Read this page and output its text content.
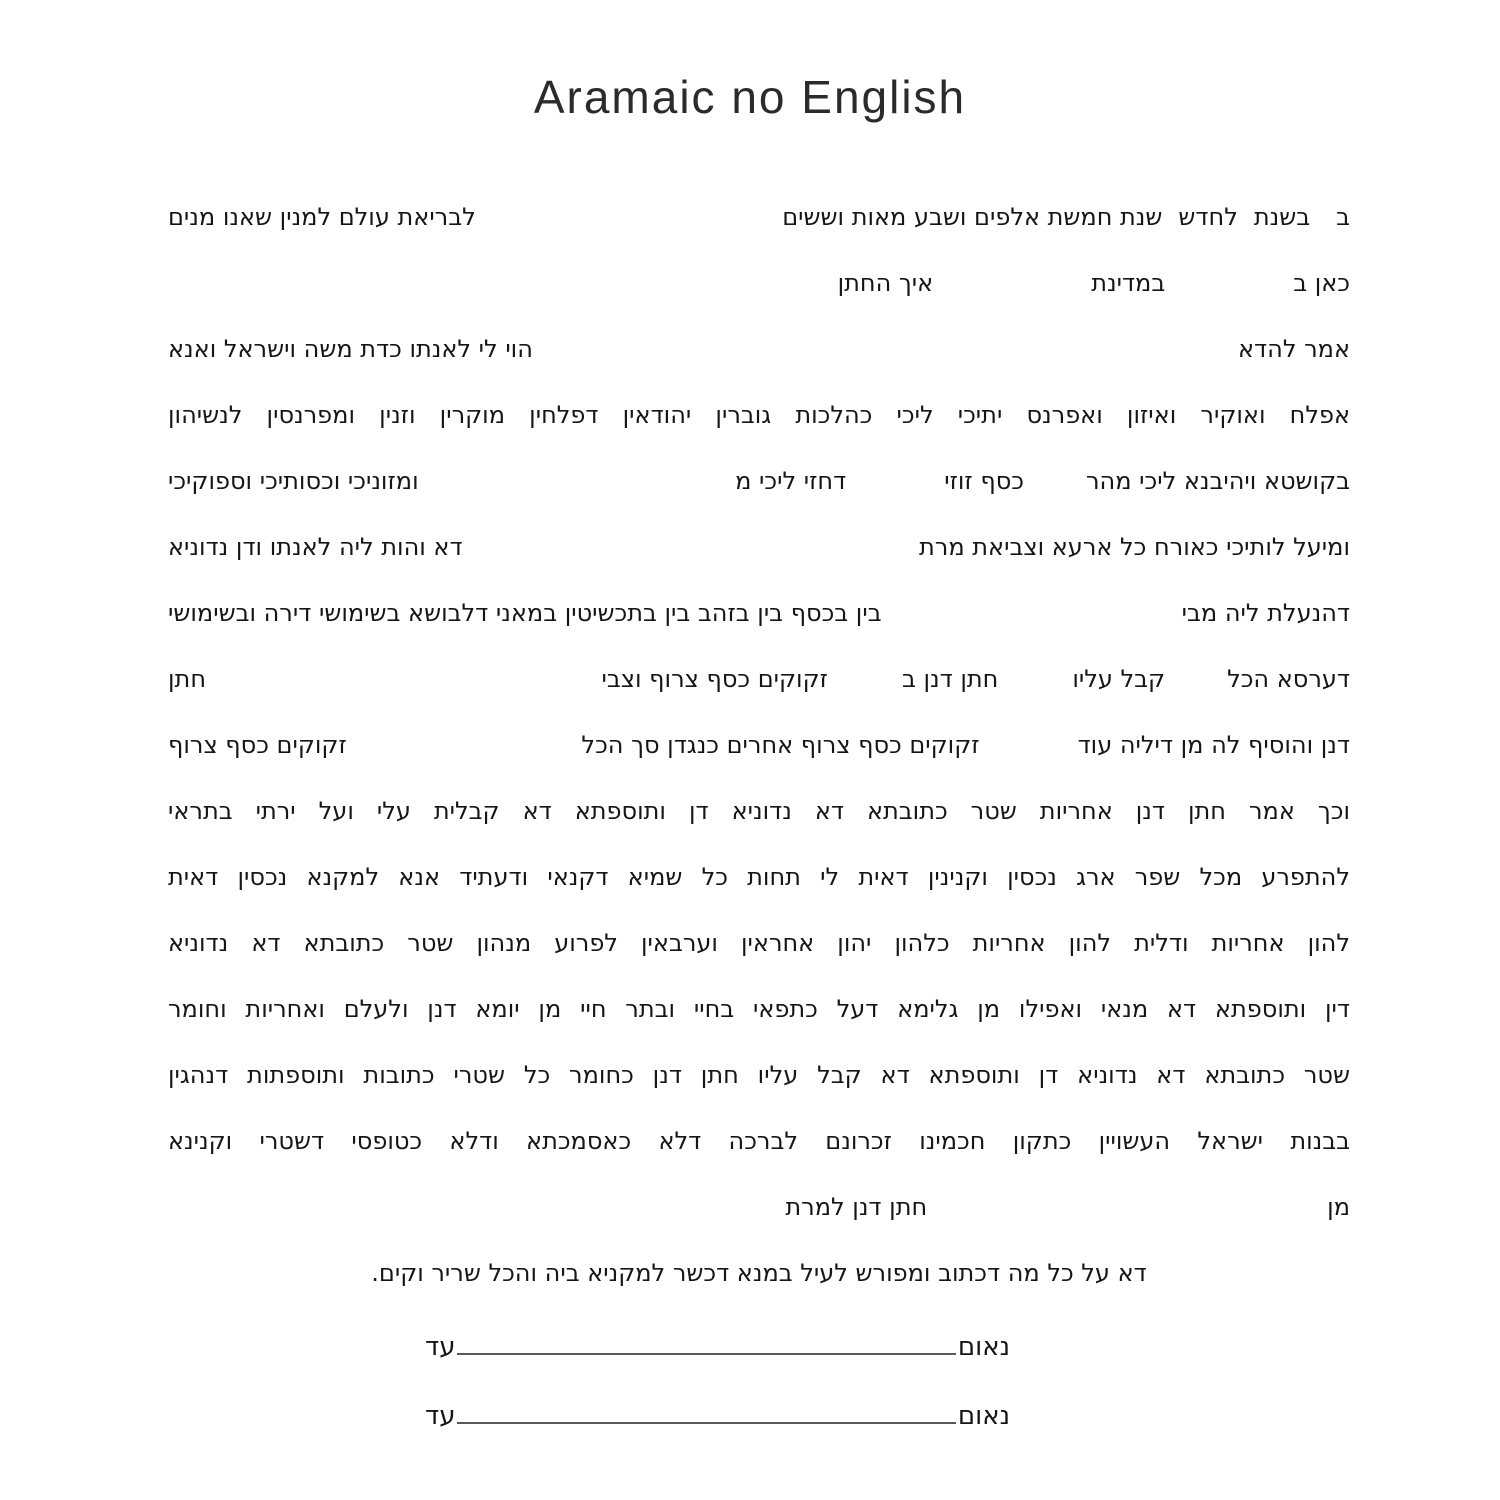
Aramaic no English
ב
בשנת
לחדש
שנת חמשת אלפים ושבע מאות וששים
לבריאת עולם למנין שאנו מנים
כאן ב
במדינת
איך החתן
אמר להדא
הוי לי לאנתו כדת משה וישראל ואנא
אפלח ואוקיר ואיזון ואפרנס יתיכי ליכי כהלכות גוברין יהודאין דפלחין מוקרין וזנין ומפרנסין לנשיהון
בקושטא ויהיבנא ליכי מהר
כסף זוזי
דחזי ליכי מ
ומזוניכי וכסותיכי וספוקיכי
ומיעל לותיכי כאורח כל ארעא וצביאת מרת
דא והות ליה לאנתו ודן נדוניא
דהנעלת ליה מבי
בין בכסף בין בזהב בין בתכשיטין במאני דלבושא בשימושי דירה ובשימושי
דערסא הכל
קבל עליו
חתן דנן ב
זקוקים כסף צרוף וצבי
חתן
דנן והוסיף לה מן דיליה עוד
זקוקים כסף צרוף אחרים כנגדן סך הכל
זקוקים כסף צרוף
וכך אמר חתן דנן אחריות שטר כתובתא דא נדוניא דן ותוספתא דא קבלית עלי ועל ירתי בתראי
להתפרע מכל שפר ארג נכסין וקנינין דאית לי תחות כל שמיא דקנאי ודעתיד אנא למקנא נכסין דאית
להון אחריות ודלית להון אחריות כלהון יהון אחראין וערבאין לפרוע מנהון שטר כתובתא דא נדוניא
דין ותוספתא דא מנאי ואפילו מן גלימא דעל כתפאי בחיי ובתר חיי מן יומא דנן ולעלם ואחריות וחומר
שטר כתובתא דא נדוניא דן ותוספתא דא קבל עליו חתן דנן כחומר כל שטרי כתובות ותוספתות דנהגין
בבנות ישראל העשויין כתקון חכמינו זכרונם לברכה דלא כאסמכתא ודלא כטופסי דשטרי וקנינא
מן
חתן דנן למרת
דא על כל מה דכתוב ומפורש לעיל במנא דכשר למקניא ביה והכל שריר וקים.
נאום
עד
נאום
עד
